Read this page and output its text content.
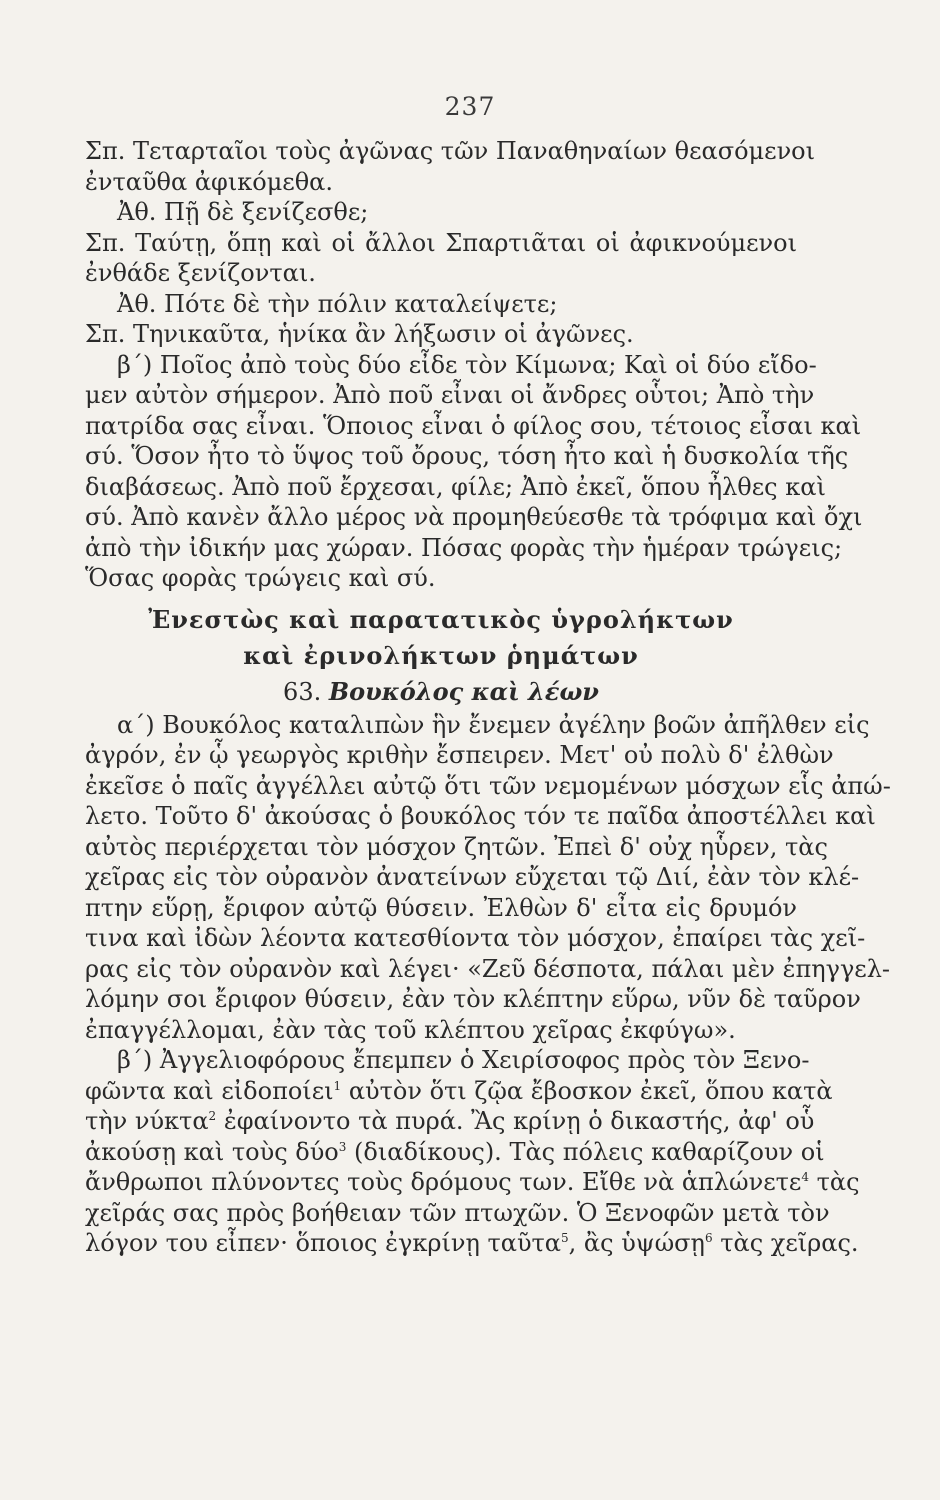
237
Σπ. Τεταρταῖοι τοὺς ἀγῶνας τῶν Παναθηναίων θεασόμενοι
ἐνταῦθα ἀφικόμεθα.
Ἀθ. Πῇ δὲ ξενίζεσθε;
Σπ. Ταύτῃ, ὅπῃ καὶ οἱ ἄλλοι Σπαρτιᾶται οἱ ἀφικνούμενοι
ἐνθάδε ξενίζονται.
Ἀθ. Πότε δὲ τὴν πόλιν καταλείψετε;
Σπ. Τηνικαῦτα, ἡνίκα ἂν λήξωσιν οἱ ἀγῶνες.
β΄) Ποῖος ἀπὸ τοὺς δύο εἶδε τὸν Κίμωνα; Καὶ οἱ δύο εἴδο-
μεν αὐτὸν σήμερον. Ἀπὸ ποῦ εἶναι οἱ ἄνδρες οὗτοι; Ἀπὸ τὴν
πατρίδα σας εἶναι. Ὅποιος εἶναι ὁ φίλος σου, τέτοιος εἶσαι καὶ
σύ. Ὅσον ἦτο τὸ ὕψος τοῦ ὄρους, τόση ἦτο καὶ ἡ δυσκολία τῆς
διαβάσεως. Ἀπὸ ποῦ ἔρχεσαι, φίλε; Ἀπὸ ἐκεῖ, ὅπου ἦλθες καὶ
σύ. Ἀπὸ κανὲν ἄλλο μέρος νὰ προμηθεύεσθε τὰ τρόφιμα καὶ ὄχι
ἀπὸ τὴν ἰδικήν μας χώραν. Πόσας φορὰς τὴν ἡμέραν τρώγεις;
Ὅσας φορὰς τρώγεις καὶ σύ.
Ἐνεστὼς καὶ παρατατικὸς ὑγρολήκτων
καὶ ἐρινολήκτων ῥημάτων
63. Βουκόλος καὶ λέων
α΄) Βουκόλος καταλιπὼν ἣν ἔνεμεν ἀγέλην βοῶν ἀπῆλθεν εἰς
ἀγρόν, ἐν ᾧ γεωργὸς κριθὴν ἔσπειρεν. Μετ' οὐ πολὺ δ' ἐλθὼν
ἐκεῖσε ὁ παῖς ἀγγέλλει αὐτῷ ὅτι τῶν νεμομένων μόσχων εἷς ἀπώ-
λετο. Τοῦτο δ' ἀκούσας ὁ βουκόλος τόν τε παῖδα ἀποστέλλει καὶ
αὐτὸς περιέρχεται τὸν μόσχον ζητῶν. Ἐπεὶ δ' οὐχ ηὗρεν, τὰς
χεῖρας εἰς τὸν οὐρανὸν ἀνατείνων εὔχεται τῷ Διί, ἐὰν τὸν κλέ-
πτην εὕρῃ, ἔριφον αὐτῷ θύσειν. Ἐλθὼν δ' εἶτα εἰς δρυμόν
τινα καὶ ἰδὼν λέοντα κατεσθίοντα τὸν μόσχον, ἐπαίρει τὰς χεῖ-
ρας εἰς τὸν οὐρανὸν καὶ λέγει· «Ζεῦ δέσποτα, πάλαι μὲν ἐπηγγελ-
λόμην σοι ἔριφον θύσειν, ἐὰν τὸν κλέπτην εὕρω, νῦν δὲ ταῦρον
ἐπαγγέλλομαι, ἐὰν τὰς τοῦ κλέπτου χεῖρας ἐκφύγω».
β΄) Ἀγγελιοφόρους ἔπεμπεν ὁ Χειρίσοφος πρὸς τὸν Ξενο-
φῶντα καὶ εἰδοποίει$^1$ αὐτὸν ὅτι ζῷα ἔβοσκον ἐκεῖ, ὅπου κατὰ
τὴν νύκτα$^2$ ἐφαίνοντο τὰ πυρά. Ἂς κρίνῃ ὁ δικαστής, ἀφ' οὗ
ἀκούσῃ καὶ τοὺς δύο$^3$ (διαδίκους). Τὰς πόλεις καθαρίζουν οἱ
ἄνθρωποι πλύνοντες τοὺς δρόμους των. Εἴθε νὰ ἁπλώνετε$^4$ τὰς
χεῖράς σας πρὸς βοήθειαν τῶν πτωχῶν. Ὁ Ξενοφῶν μετὰ τὸν
λόγον του εἶπεν· ὅποιος ἐγκρίνῃ ταῦτα$^5$, ἂς ὑψώσῃ$^6$ τὰς χεῖρας.
